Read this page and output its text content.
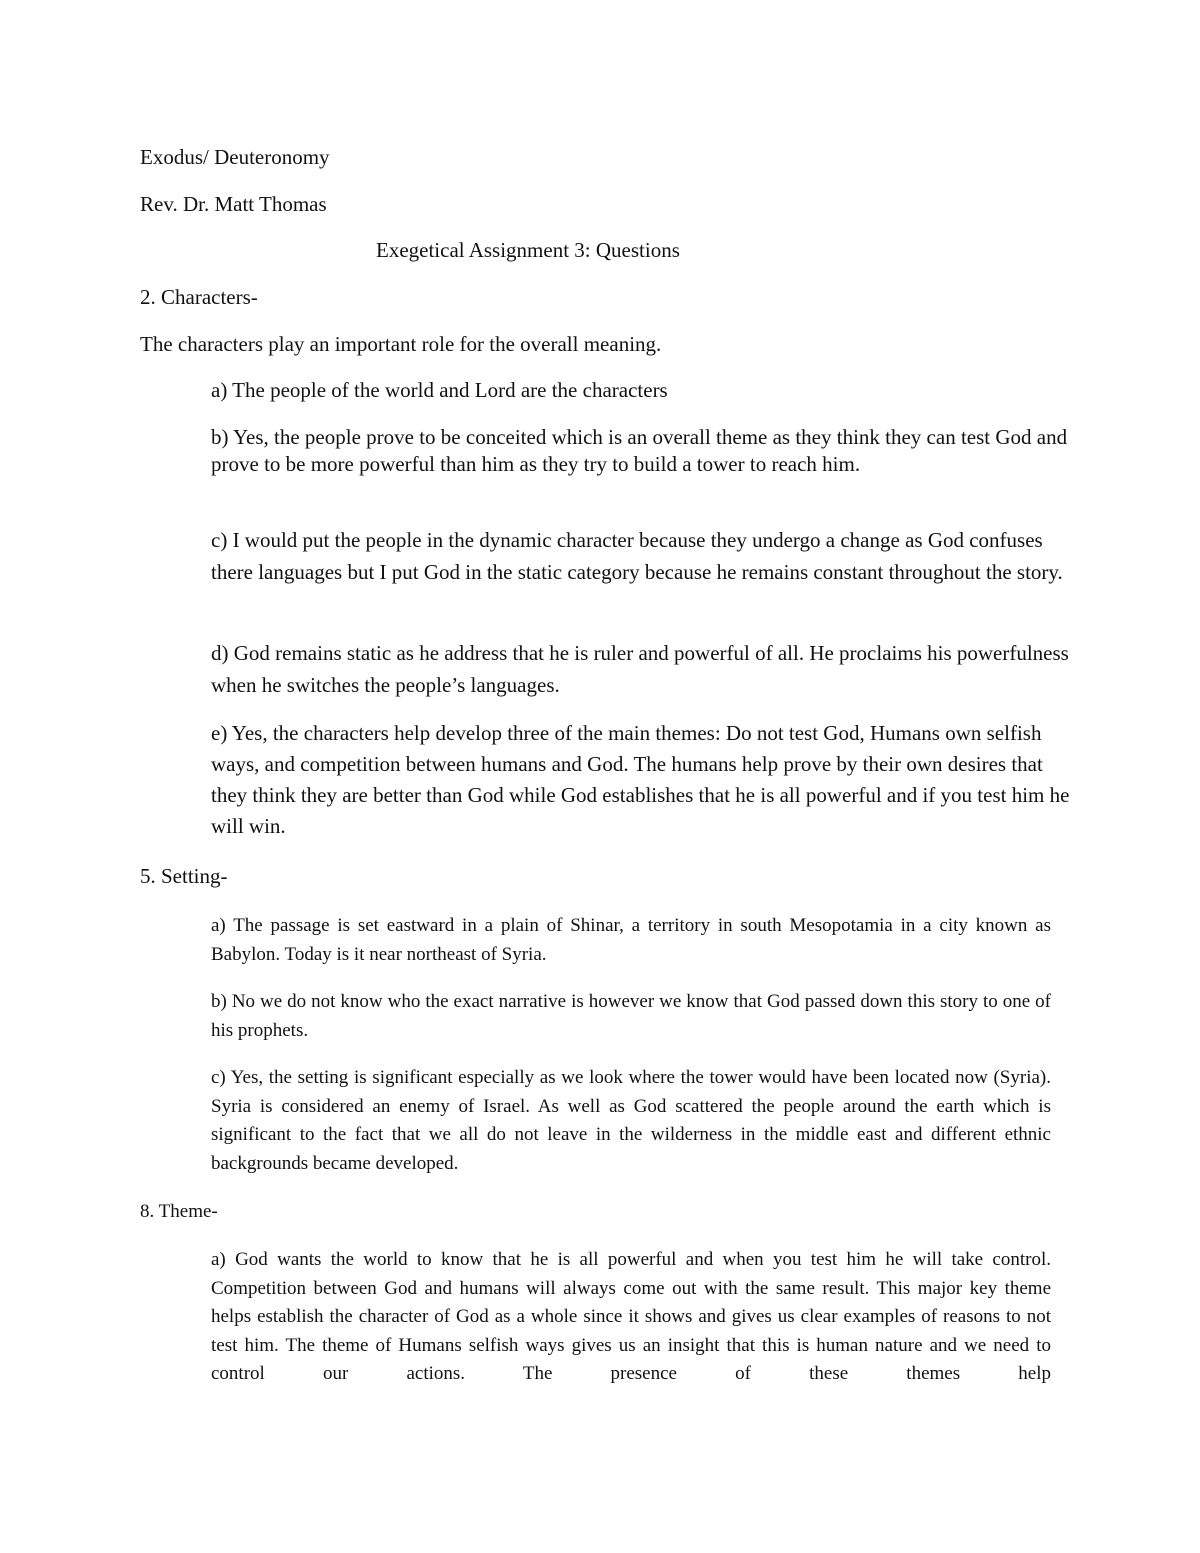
Exodus/ Deuteronomy
Rev. Dr. Matt Thomas
Exegetical Assignment 3: Questions
2. Characters-
The characters play an important role for the overall meaning.

a) The people of the world and Lord are the characters

b) Yes, the people prove to be conceited which is an overall theme as they think they can test God and prove to be more powerful than him as they try to build a tower to reach him.

c) I would put the people in the dynamic character because they undergo a change as God confuses there languages but I put God in the static category because he remains constant throughout the story.

d) God remains static as he address that he is ruler and powerful of all. He proclaims his powerfulness when he switches the people’s languages.

e) Yes, the characters help develop three of the main themes: Do not test God, Humans own selfish ways, and competition between humans and God. The humans help prove by their own desires that they think they are better than God while God establishes that he is all powerful and if you test him he will win.

5. Setting-

a) The passage is set eastward in a plain of Shinar, a territory in south Mesopotamia in a city known as Babylon. Today is it near northeast of Syria.

b) No we do not know who the exact narrative is however we know that God passed down this story to one of his prophets.

c) Yes, the setting is significant especially as we look where the tower would have been located now (Syria). Syria is considered an enemy of Israel. As well as God scattered the people around the earth which is significant to the fact that we all do not leave in the wilderness in the middle east and different ethnic backgrounds became developed.

8. Theme-

a) God wants the world to know that he is all powerful and when you test him he will take control. Competition between God and humans will always come out with the same result. This major key theme helps establish the character of God as a whole since it shows and gives us clear examples of reasons to not test him. The theme of Humans selfish ways gives us an insight that this is human nature and we need to control our actions. The presence of these themes help
